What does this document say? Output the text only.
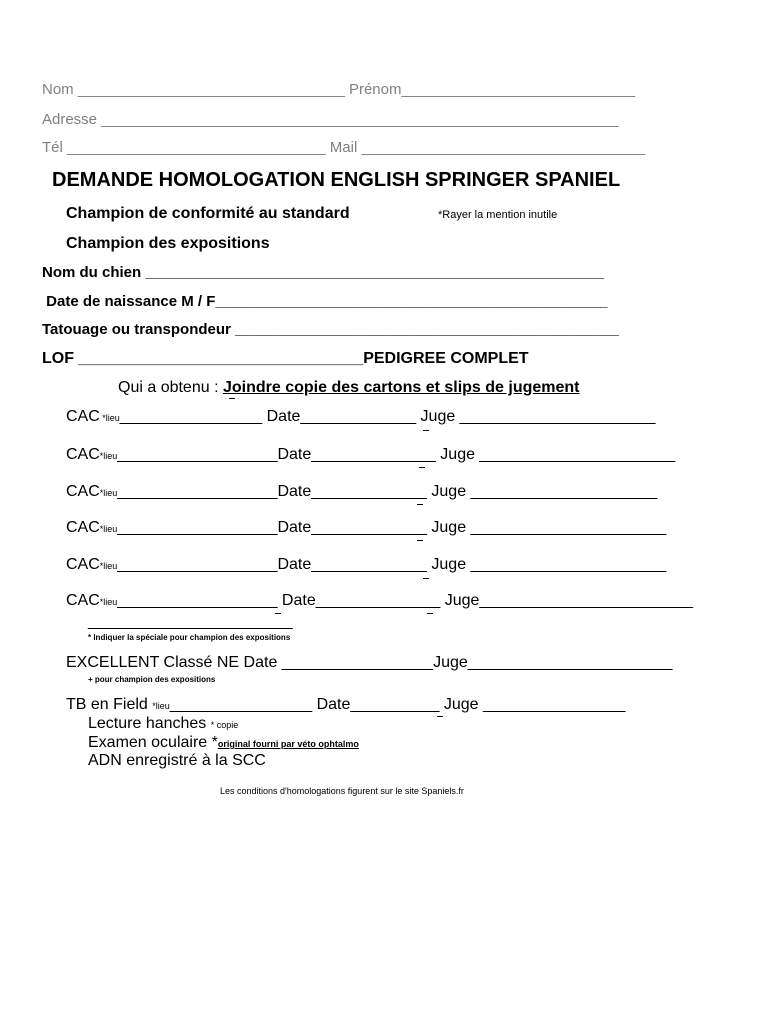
Nom ________________________________ Prénom____________________________
Adresse ______________________________________________________________
Tél _______________________________ Mail __________________________________
DEMANDE HOMOLOGATION ENGLISH SPRINGER SPANIEL
Champion de conformité au standard	*Rayer la mention inutile
Champion des expositions
Nom du chien _______________________________________________________
Date de naissance M / F_______________________________________________
Tatouage ou transpondeur ______________________________________________
LOF ________________________________PEDIGREE COMPLET
Qui a obtenu : Joindre copie des cartons et slips de jugement
CAC *lieu________________ Date_____________ Juge ______________________
CAC*lieu__________________Date______________ Juge ______________________
CAC*lieu__________________Date_____________ Juge _____________________
CAC*lieu__________________Date_____________ Juge ______________________
CAC*lieu__________________Date_____________ Juge ______________________
CAC*lieu__________________ Date______________ Juge________________________
_______________________
* Indiquer la spéciale pour champion des expositions
EXCELLENT Classé NE Date _________________Juge_______________________
+ pour champion des expositions
TB en Field *lieu________________ Date__________ Juge ________________
Lecture hanches * copie
Examen oculaire *original fourni par véto ophtalmo
ADN enregistré à la SCC
Les conditions d'homologations figurent sur le site Spaniels.fr
